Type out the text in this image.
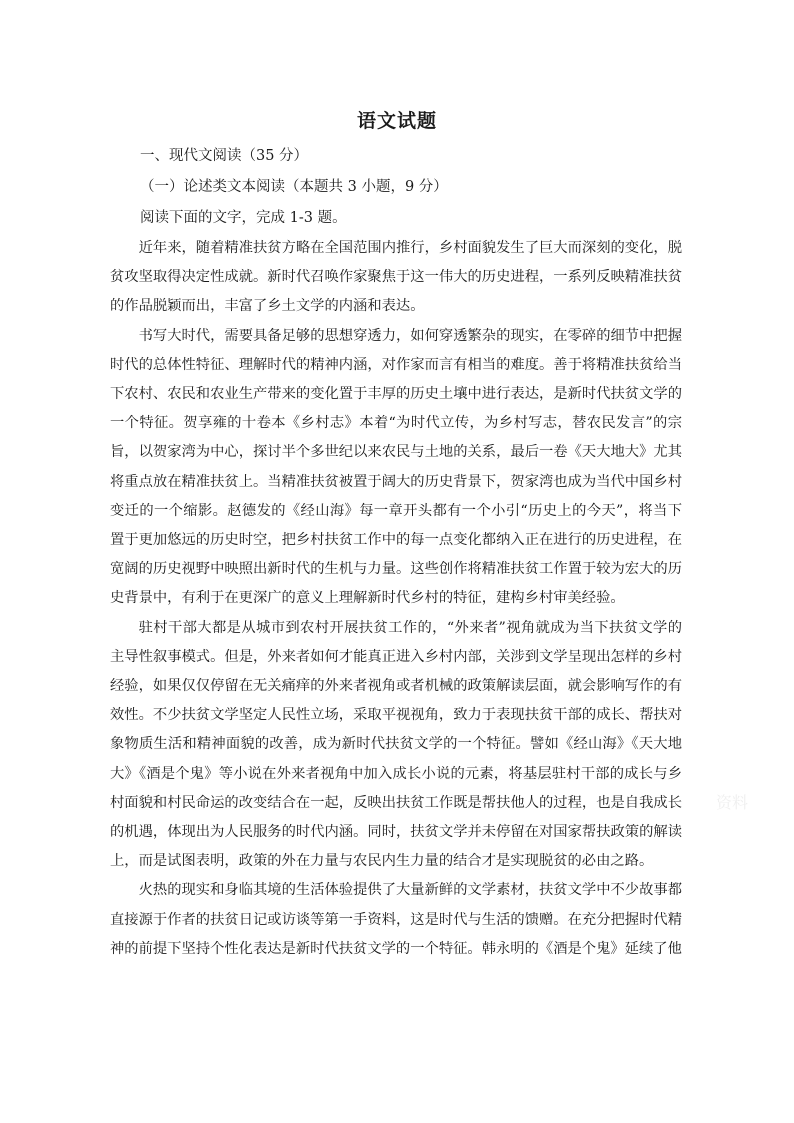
语文试题
一、现代文阅读（35 分）
（一）论述类文本阅读（本题共 3 小题，9 分）
阅读下面的文字，完成 1-3 题。

近年来，随着精准扶贫方略在全国范围内推行，乡村面貌发生了巨大而深刻的变化，脱贫攻坚取得决定性成就。新时代召唤作家聚焦于这一伟大的历史进程，一系列反映精准扶贫的作品脱颖而出，丰富了乡土文学的内涵和表达。

书写大时代，需要具备足够的思想穿透力，如何穿透繁杂的现实，在零碎的细节中把握时代的总体性特征、理解时代的精神内涵，对作家而言有相当的难度。善于将精准扶贫给当下农村、农民和农业生产带来的变化置于丰厚的历史土壤中进行表达，是新时代扶贫文学的一个特征。贺享雍的十卷本《乡村志》本着“为时代立传，为乡村写志，替农民发言”的宗旨，以贺家湾为中心，探讨半个多世纪以来农民与土地的关系，最后一卷《天大地大》尤其将重点放在精准扶贫上。当精准扶贫被置于阔大的历史背景下，贺家湾也成为当代中国乡村变迁的一个缩影。赵德发的《经山海》每一章开头都有一个小引“历史上的今天”，将当下置于更加悠远的历史时空，把乡村扶贫工作中的每一点变化都纳入正在进行的历史进程，在宽阔的历史视野中映照出新时代的生机与力量。这些创作将精准扶贫工作置于较为宏大的历史背景中，有利于在更深广的意义上理解新时代乡村的特征，建构乡村审美经验。

驻村干部大都是从城市到农村开展扶贫工作的，“外来者”视角就成为当下扶贫文学的主导性叙事模式。但是，外来者如何才能真正进入乡村内部，关涉到文学呈现出怎样的乡村经验，如果仅仅停留在无关痛痒的外来者视角或者机械的政策解读层面，就会影响写作的有效性。不少扶贫文学坚定人民性立场，采取平视视角，致力于表现扶贫干部的成长、帮扶对象物质生活和精神面貌的改善，成为新时代扶贫文学的一个特征。譬如《经山海》《天大地大》《酒是个鬼》等小说在外来者视角中加入成长小说的元素，将基层驻村干部的成长与乡村面貌和村民命运的改变结合在一起，反映出扶贫工作既是帮扶他人的过程，也是自我成长的机遇，体现出为人民服务的时代内涵。同时，扶贫文学并未停留在对国家帮扶政策的解读上，而是试图表明，政策的外在力量与农民内生力量的结合才是实现脱贫的必由之路。

火热的现实和身临其境的生活体验提供了大量新鲜的文学素材，扶贫文学中不少故事都直接源于作者的扶贫日记或访谈等第一手资料，这是时代与生活的馈赠。在充分把握时代精神的前提下坚持个性化表达是新时代扶贫文学的一个特征。韩永明的《酒是个鬼》延续了他

资料
